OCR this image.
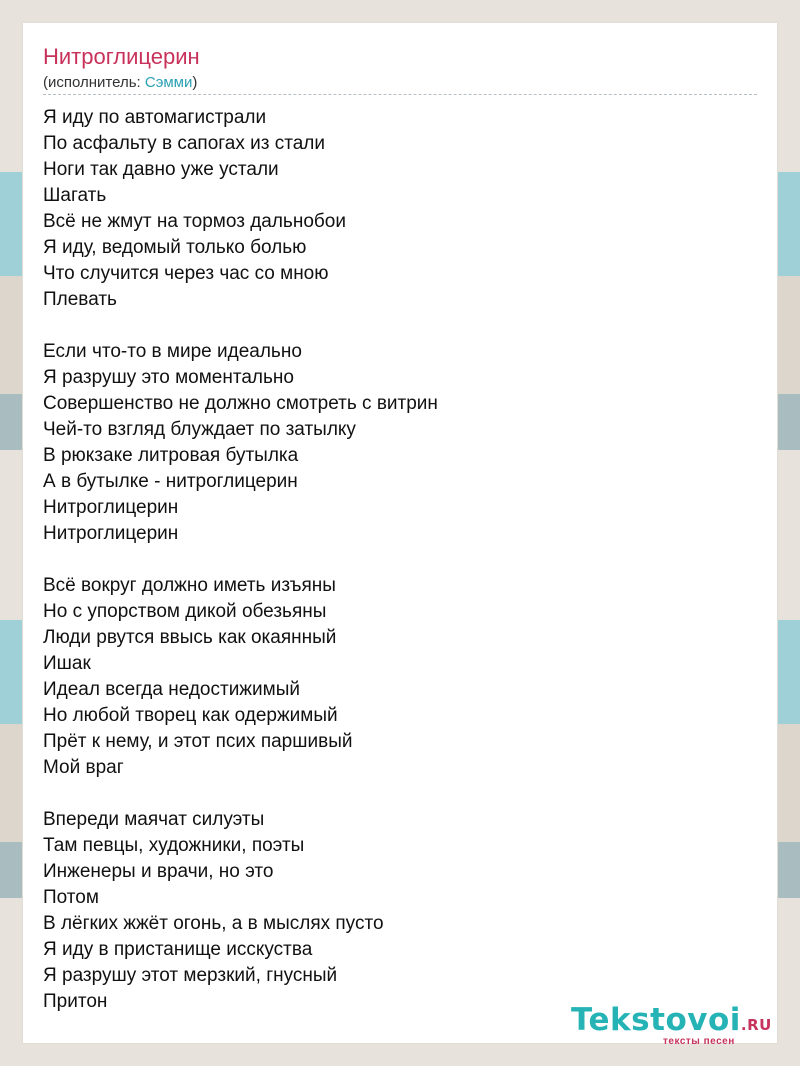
Нитроглицерин
(исполнитель: Сэмми)
Я иду по автомагистрали
По асфальту в сапогах из стали
Ноги так давно уже устали
Шагать
Всё не жмут на тормоз дальнобои
Я иду, ведомый только болью
Что случится через час со мною
Плевать
Если что-то в мире идеально
Я разрушу это моментально
Совершенство не должно смотреть с витрин
Чей-то взгляд блуждает по затылку
В рюкзаке литровая бутылка
А в бутылке - нитроглицерин
Нитроглицерин
Нитроглицерин
Всё вокруг должно иметь изъяны
Но с упорством дикой обезьяны
Люди рвутся ввысь как окаянный
Ишак
Идеал всегда недостижимый
Но любой творец как одержимый
Прёт к нему, и этот псих паршивый
Мой враг
Впереди маячат силуэты
Там певцы, художники, поэты
Инженеры и врачи, но это
Потом
В лёгких жжёт огонь, а в мыслях пусто
Я иду в пристанище исскуства
Я разрушу этот мерзкий, гнусный
Притон
Tekstovoi.RU
тексты песен
